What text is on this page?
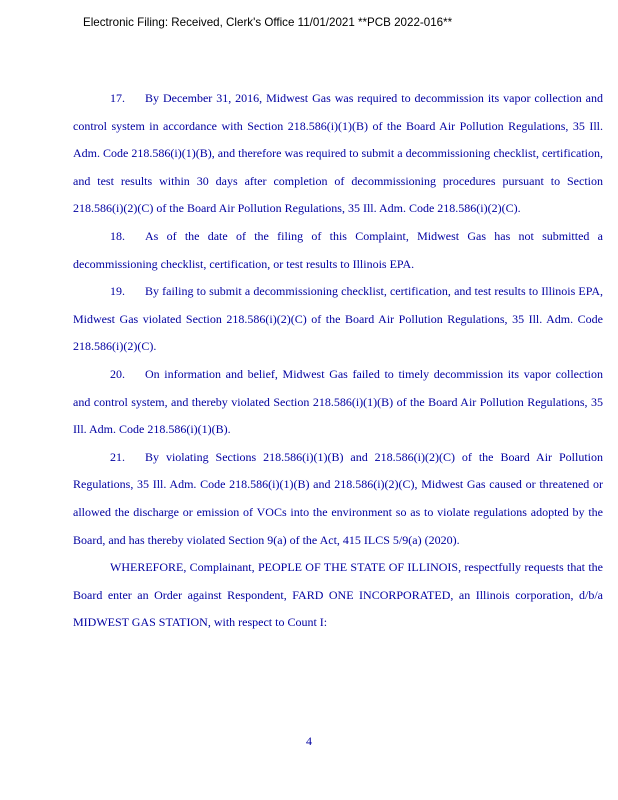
Electronic Filing: Received, Clerk's Office 11/01/2021 **PCB 2022-016**

17. By December 31, 2016, Midwest Gas was required to decommission its vapor collection and control system in accordance with Section 218.586(i)(1)(B) of the Board Air Pollution Regulations, 35 Ill. Adm. Code 218.586(i)(1)(B), and therefore was required to submit a decommissioning checklist, certification, and test results within 30 days after completion of decommissioning procedures pursuant to Section 218.586(i)(2)(C) of the Board Air Pollution Regulations, 35 Ill. Adm. Code 218.586(i)(2)(C).

18. As of the date of the filing of this Complaint, Midwest Gas has not submitted a decommissioning checklist, certification, or test results to Illinois EPA.

19. By failing to submit a decommissioning checklist, certification, and test results to Illinois EPA, Midwest Gas violated Section 218.586(i)(2)(C) of the Board Air Pollution Regulations, 35 Ill. Adm. Code 218.586(i)(2)(C).

20. On information and belief, Midwest Gas failed to timely decommission its vapor collection and control system, and thereby violated Section 218.586(i)(1)(B) of the Board Air Pollution Regulations, 35 Ill. Adm. Code 218.586(i)(1)(B).

21. By violating Sections 218.586(i)(1)(B) and 218.586(i)(2)(C) of the Board Air Pollution Regulations, 35 Ill. Adm. Code 218.586(i)(1)(B) and 218.586(i)(2)(C), Midwest Gas caused or threatened or allowed the discharge or emission of VOCs into the environment so as to violate regulations adopted by the Board, and has thereby violated Section 9(a) of the Act, 415 ILCS 5/9(a) (2020).

WHEREFORE, Complainant, PEOPLE OF THE STATE OF ILLINOIS, respectfully requests that the Board enter an Order against Respondent, FARD ONE INCORPORATED, an Illinois corporation, d/b/a MIDWEST GAS STATION, with respect to Count I:

4
